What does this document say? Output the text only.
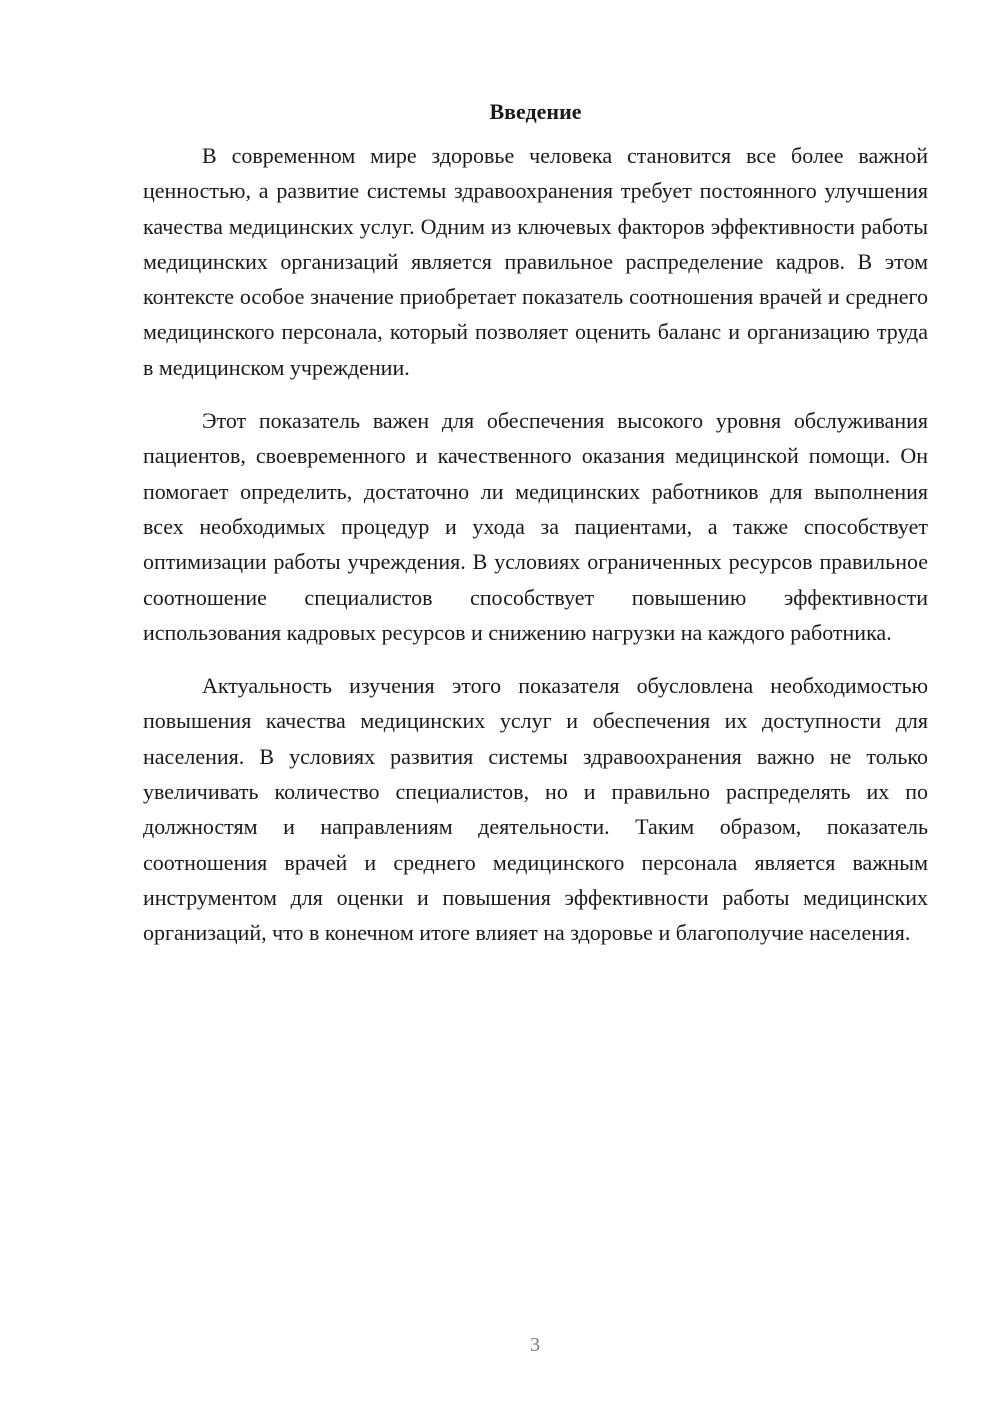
Введение

В современном мире здоровье человека становится все более важной ценностью, а развитие системы здравоохранения требует постоянного улучшения качества медицинских услуг. Одним из ключевых факторов эффективности работы медицинских организаций является правильное распределение кадров. В этом контексте особое значение приобретает показатель соотношения врачей и среднего медицинского персонала, который позволяет оценить баланс и организацию труда в медицинском учреждении.

Этот показатель важен для обеспечения высокого уровня обслуживания пациентов, своевременного и качественного оказания медицинской помощи. Он помогает определить, достаточно ли медицинских работников для выполнения всех необходимых процедур и ухода за пациентами, а также способствует оптимизации работы учреждения. В условиях ограниченных ресурсов правильное соотношение специалистов способствует повышению эффективности использования кадровых ресурсов и снижению нагрузки на каждого работника.

Актуальность изучения этого показателя обусловлена необходимостью повышения качества медицинских услуг и обеспечения их доступности для населения. В условиях развития системы здравоохранения важно не только увеличивать количество специалистов, но и правильно распределять их по должностям и направлениям деятельности. Таким образом, показатель соотношения врачей и среднего медицинского персонала является важным инструментом для оценки и повышения эффективности работы медицинских организаций, что в конечном итоге влияет на здоровье и благополучие населения.

3
